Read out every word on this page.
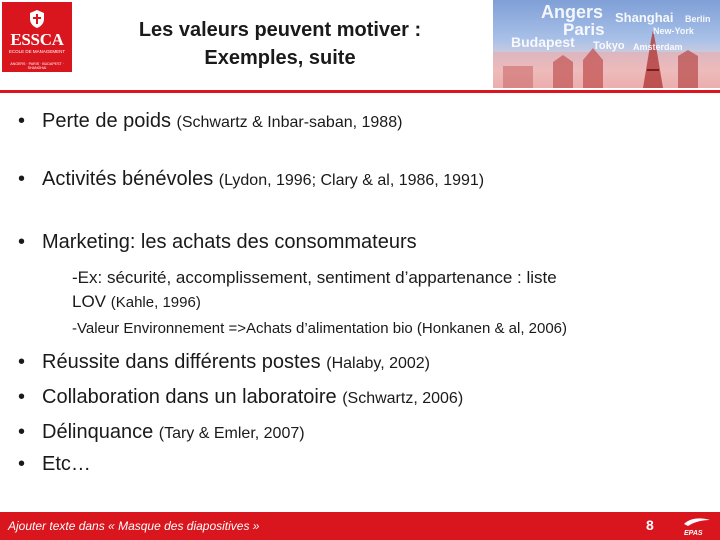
ESSCA
ECOLE DE MANAGEMENT
ANGERS · PARIS · BUDAPEST · SHANGHAI
Les valeurs peuvent motiver :
Exemples, suite
Angers Shanghai
Paris	New-York
Berlin
Budapest Tokyo Amsterdam
• Perte de poids (Schwartz & Inbar-saban, 1988)
• Activités bénévoles (Lydon, 1996; Clary & al, 1986, 1991)
• Marketing: les achats des consommateurs
-Ex: sécurité, accomplissement, sentiment d’appartenance : liste
LOV (Kahle, 1996)
-Valeur Environnement =>Achats d’alimentation bio (Honkanen & al, 2006)
• Réussite dans différents postes (Halaby, 2002)
• Collaboration dans un laboratoire (Schwartz, 2006)
• Délinquance (Tary & Emler, 2007)
• Etc…
Ajouter texte dans « Masque des diapositives »	8
EPAS
